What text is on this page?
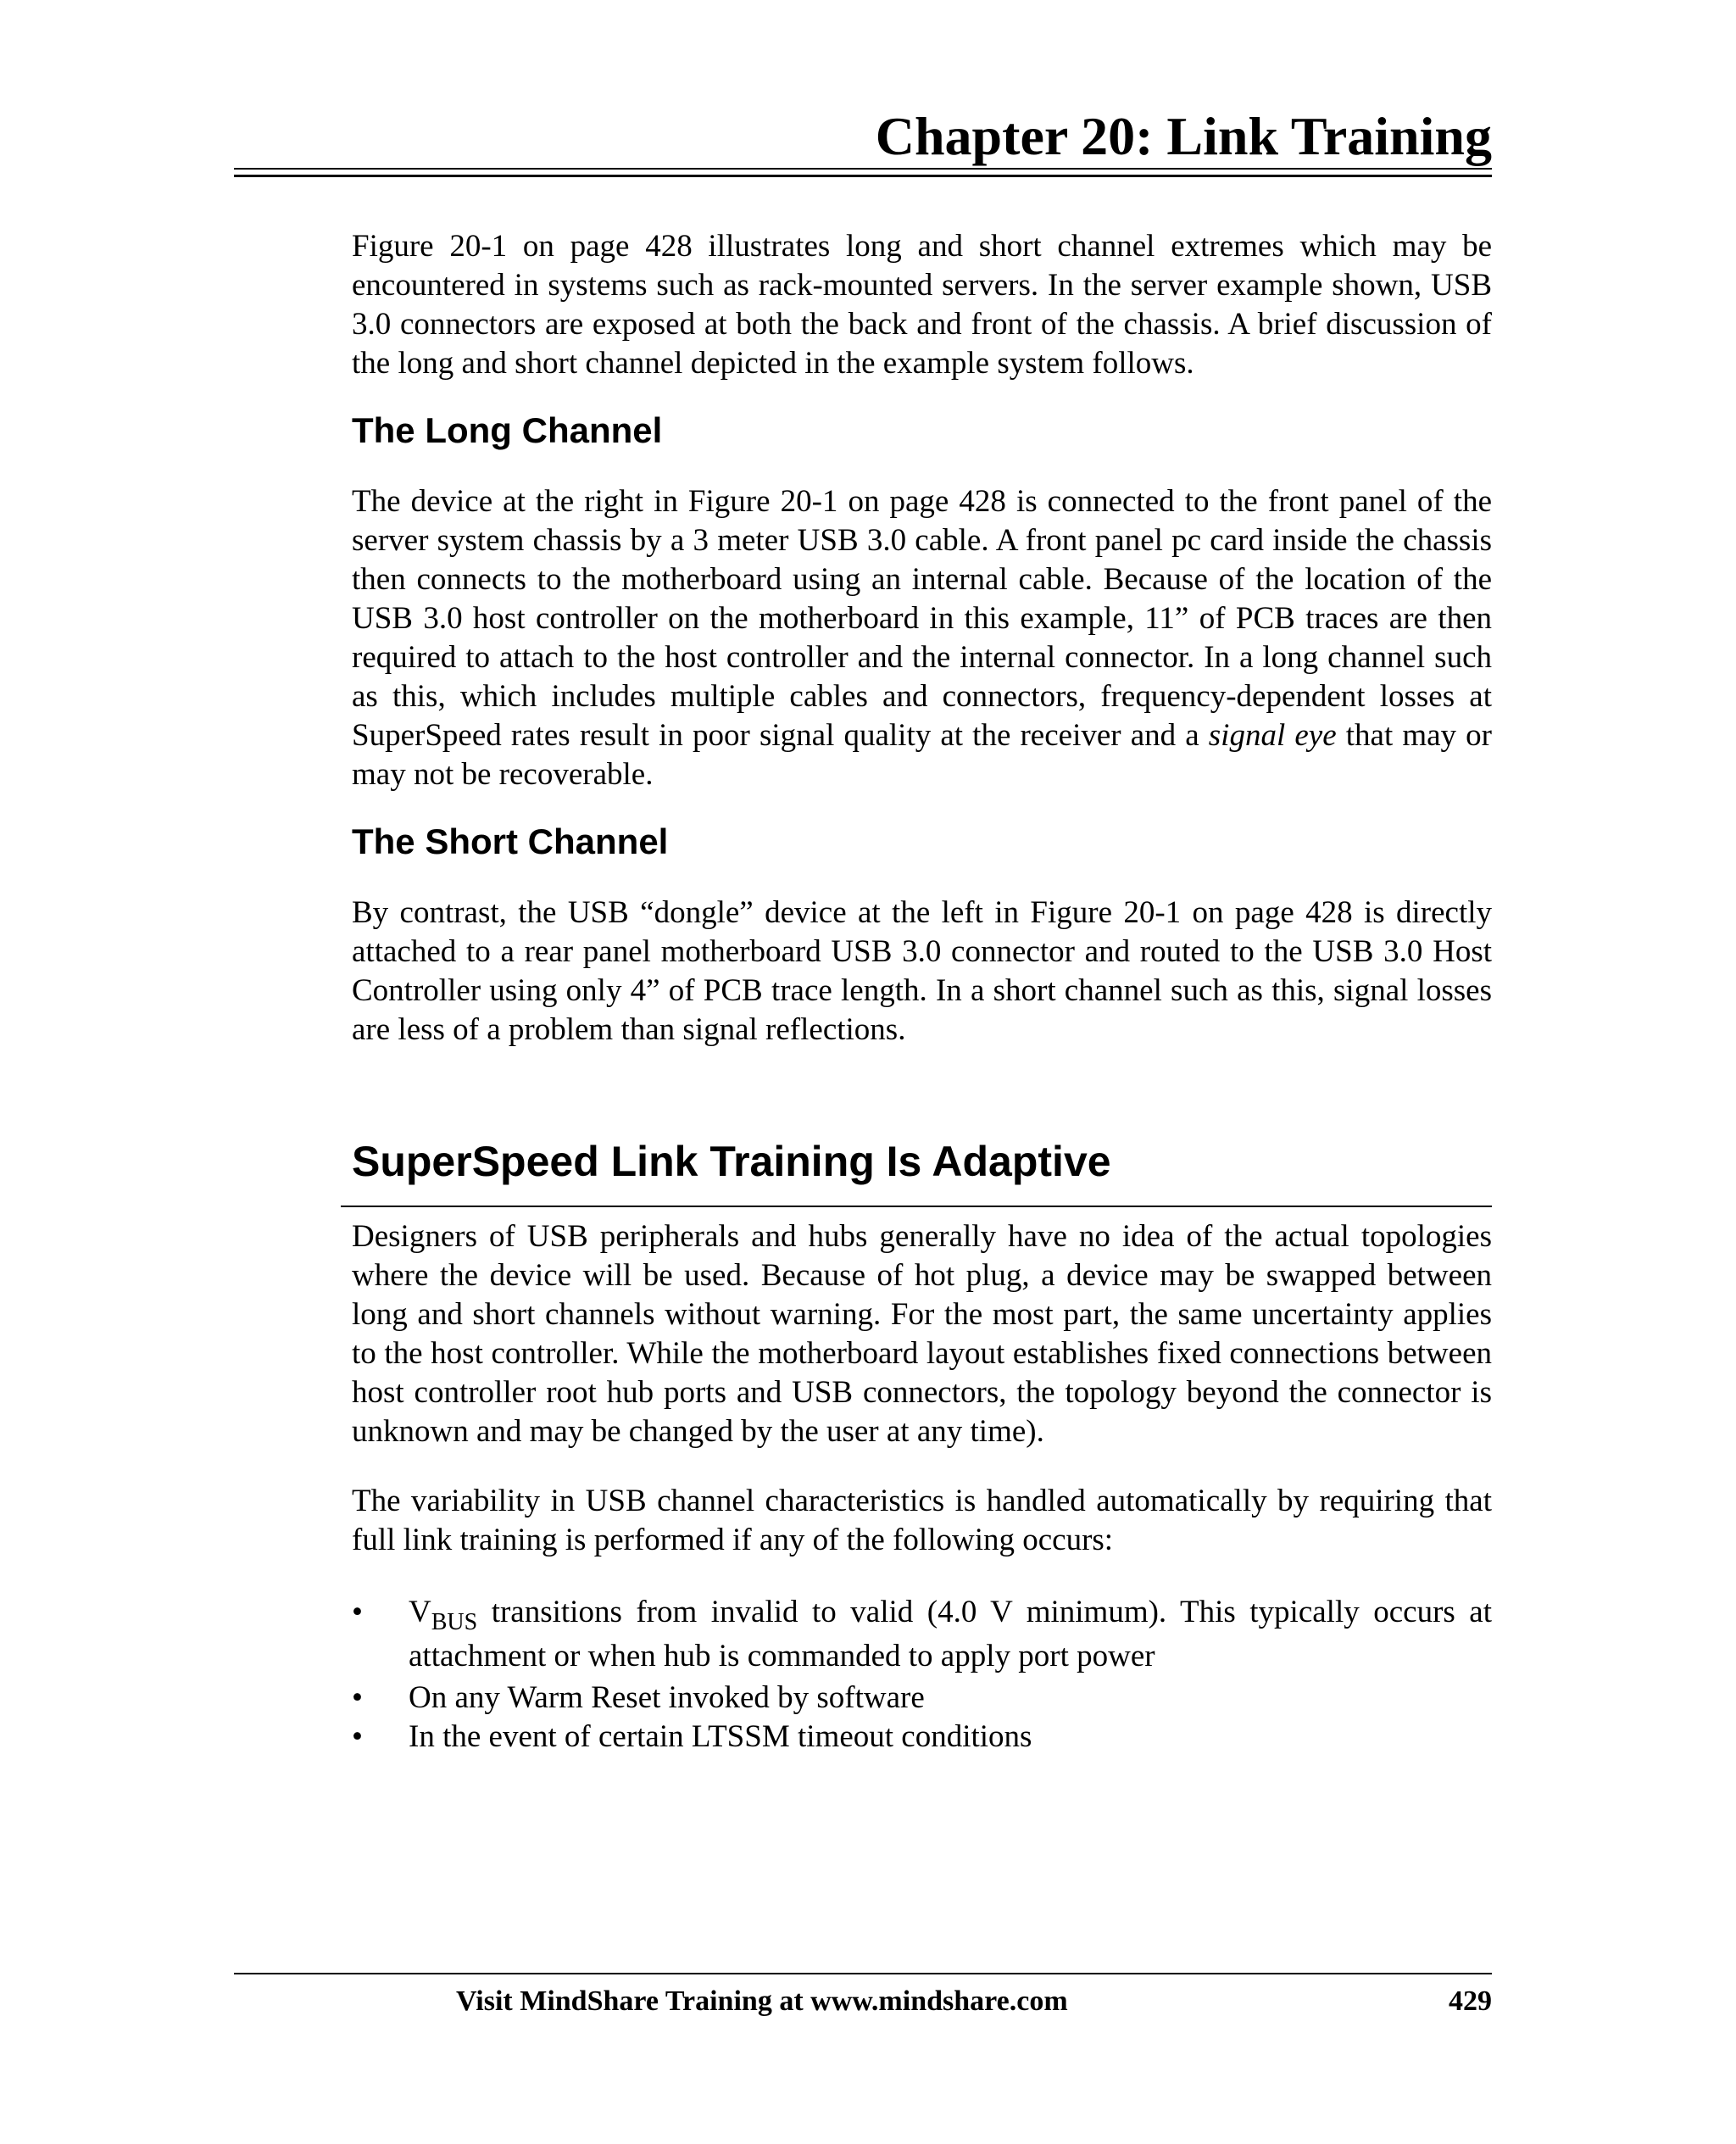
Chapter 20: Link Training

Figure 20-1 on page 428 illustrates long and short channel extremes which may be encountered in systems such as rack-mounted servers. In the server example shown, USB 3.0 connectors are exposed at both the back and front of the chassis. A brief discussion of the long and short channel depicted in the example system follows.

The Long Channel

The device at the right in Figure 20-1 on page 428 is connected to the front panel of the server system chassis by a 3 meter USB 3.0 cable. A front panel pc card inside the chassis then connects to the motherboard using an internal cable. Because of the location of the USB 3.0 host controller on the motherboard in this example, 11” of PCB traces are then required to attach to the host controller and the internal connector. In a long channel such as this, which includes multiple cables and connectors, frequency-dependent losses at SuperSpeed rates result in poor signal quality at the receiver and a signal eye that may or may not be recoverable.

The Short Channel

By contrast, the USB “dongle” device at the left in Figure 20-1 on page 428 is directly attached to a rear panel motherboard USB 3.0 connector and routed to the USB 3.0 Host Controller using only 4” of PCB trace length. In a short channel such as this, signal losses are less of a problem than signal reflections.

SuperSpeed Link Training Is Adaptive

Designers of USB peripherals and hubs generally have no idea of the actual topologies where the device will be used. Because of hot plug, a device may be swapped between long and short channels without warning. For the most part, the same uncertainty applies to the host controller. While the motherboard layout establishes fixed connections between host controller root hub ports and USB connectors, the topology beyond the connector is unknown and may be changed by the user at any time).

The variability in USB channel characteristics is handled automatically by requiring that full link training is performed if any of the following occurs:

• $V_{BUS}$ transitions from invalid to valid (4.0 V minimum). This typically occurs at attachment or when hub is commanded to apply port power
• On any Warm Reset invoked by software
• In the event of certain LTSSM timeout conditions
Visit MindShare Training at www.mindshare.com	429
